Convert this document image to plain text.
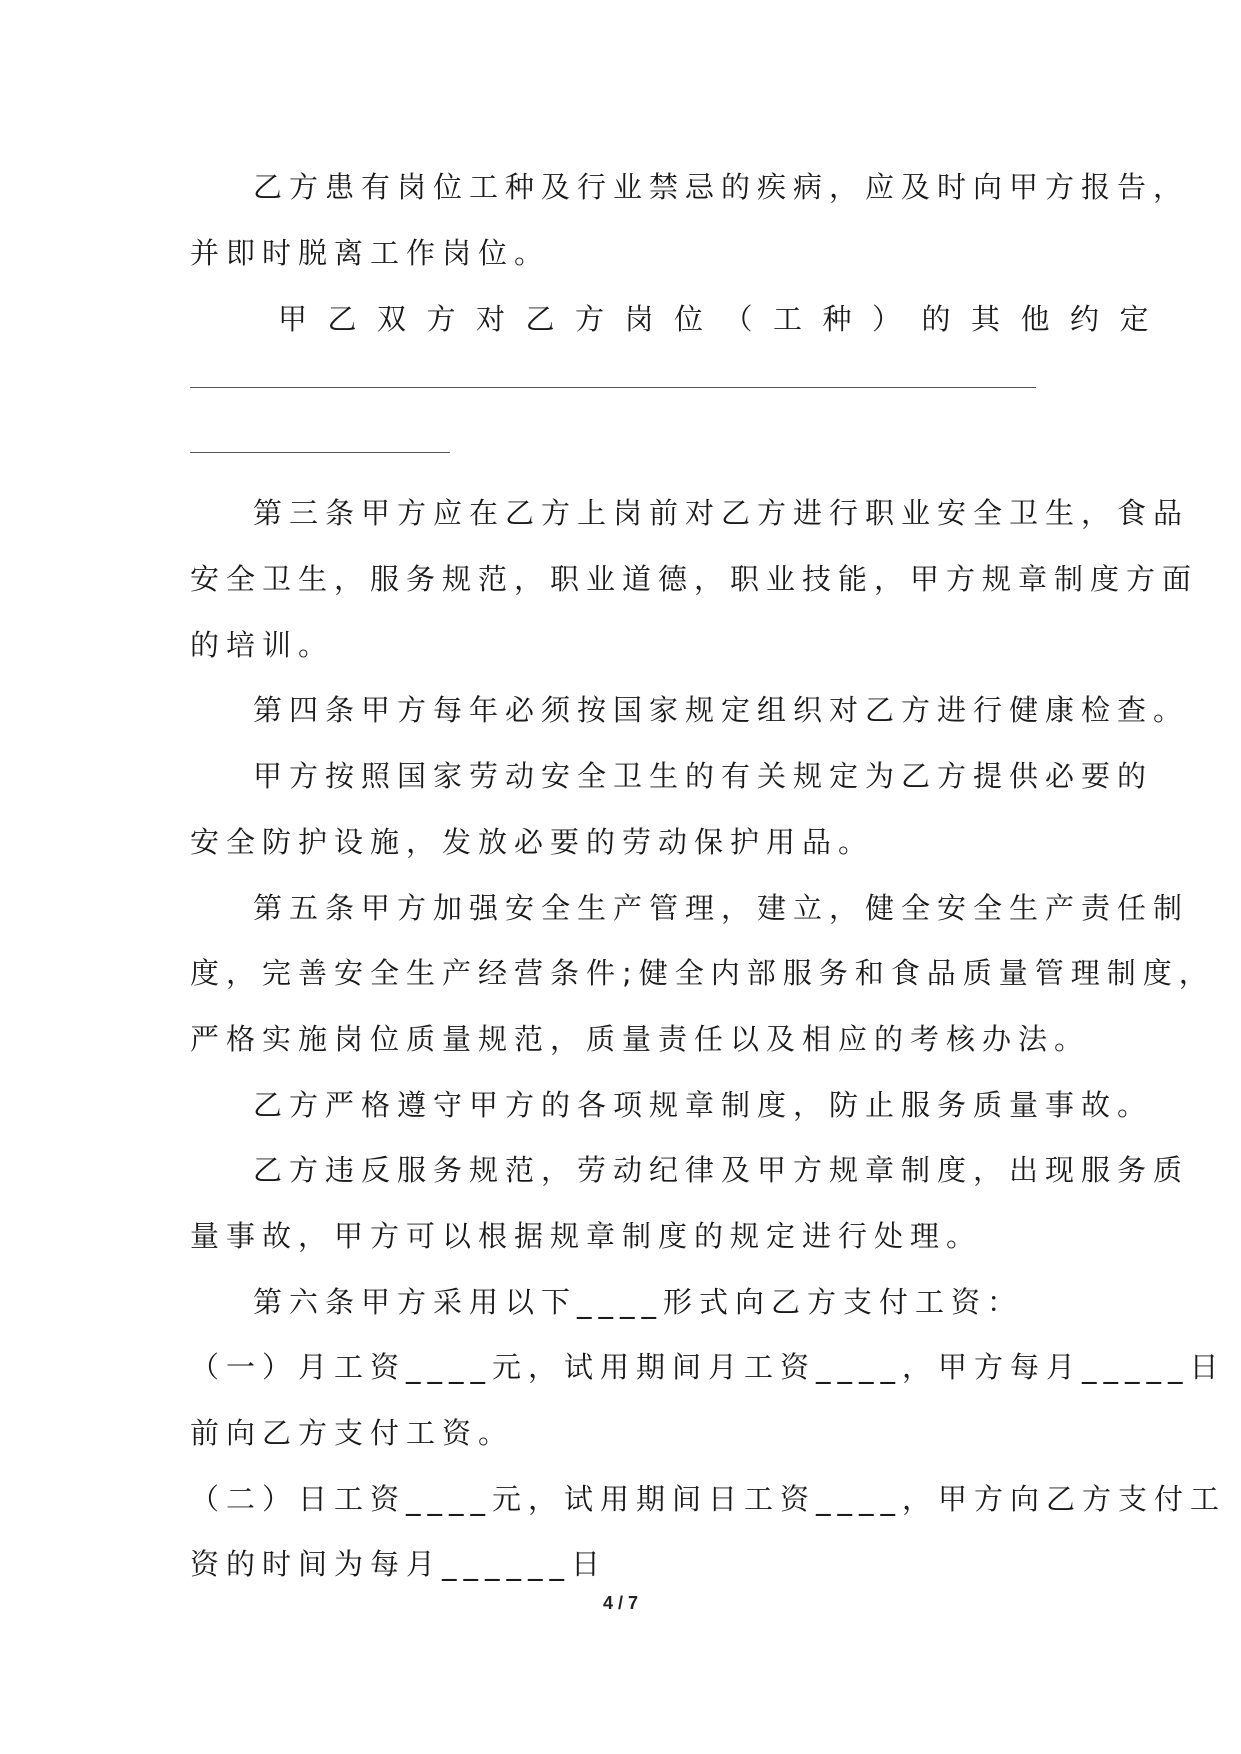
乙方患有岗位工种及行业禁忌的疾病，应及时向甲方报告，
并即时脱离工作岗位。
甲乙双方对乙方岗位（工种）的其他约定
第三条甲方应在乙方上岗前对乙方进行职业安全卫生，食品
安全卫生，服务规范，职业道德，职业技能，甲方规章制度方面
的培训。
第四条甲方每年必须按国家规定组织对乙方进行健康检查。
甲方按照国家劳动安全卫生的有关规定为乙方提供必要的
安全防护设施，发放必要的劳动保护用品。
第五条甲方加强安全生产管理，建立，健全安全生产责任制
度，完善安全生产经营条件;健全内部服务和食品质量管理制度，
严格实施岗位质量规范，质量责任以及相应的考核办法。
乙方严格遵守甲方的各项规章制度，防止服务质量事故。
乙方违反服务规范，劳动纪律及甲方规章制度，出现服务质
量事故，甲方可以根据规章制度的规定进行处理。
第六条甲方采用以下____形式向乙方支付工资：
（一）月工资____元，试用期间月工资____，甲方每月_____日
前向乙方支付工资。
（二）日工资____元，试用期间日工资____，甲方向乙方支付工
资的时间为每月______日
4 / 7
